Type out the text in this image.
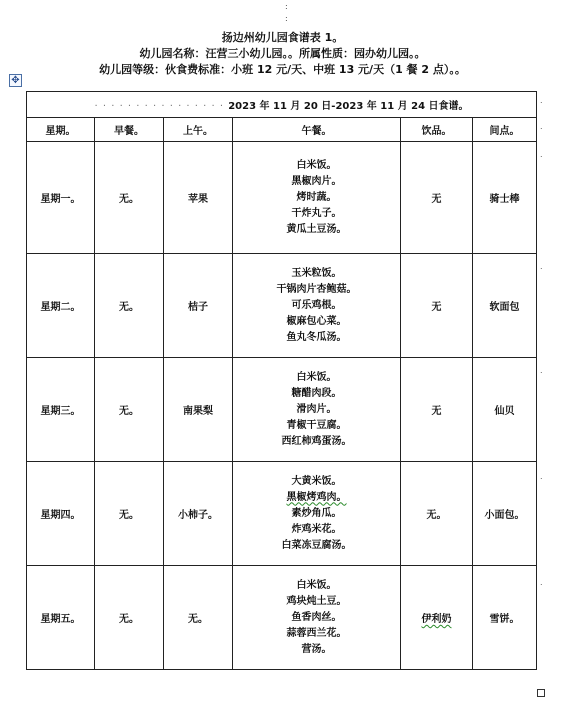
:
:
扬边州幼儿园食谱表 1。
幼儿园名称：汪营三小幼儿园。。所属性质：园办幼儿园。。
幼儿园等级：伙食费标准：小班 12 元/天、中班 13 元/天（1 餐 2 点）。。
✥
· · · · · · · · · · · · · · · · 2023 年 11 月 20 日-2023 年 11 月 24 日食谱。					
星期。	早餐。	上午。	午餐。	饮品。	间点。
星期一。	无。	苹果	白米饭。
黑椒肉片。
烤时蔬。
干炸丸子。
黄瓜土豆汤。	无	骑士棒
星期二。	无。	桔子	玉米粒饭。
干锅肉片杏鲍菇。
可乐鸡根。
椒麻包心菜。
鱼丸冬瓜汤。	无	软面包
星期三。	无。	南果梨	白米饭。
糖醋肉段。
滑肉片。
青椒干豆腐。
西红柿鸡蛋汤。	无	仙贝
星期四。	无。	小柿子。	大黄米饭。
黑椒烤鸡肉。
素炒角瓜。
炸鸡米花。
白菜冻豆腐汤。	无。	小面包。
星期五。	无。	无。	白米饭。
鸡块炖土豆。
鱼香肉丝。
蒜蓉西兰花。
营汤。	伊利奶	雪饼。
.
.
.
.
.
.
.
